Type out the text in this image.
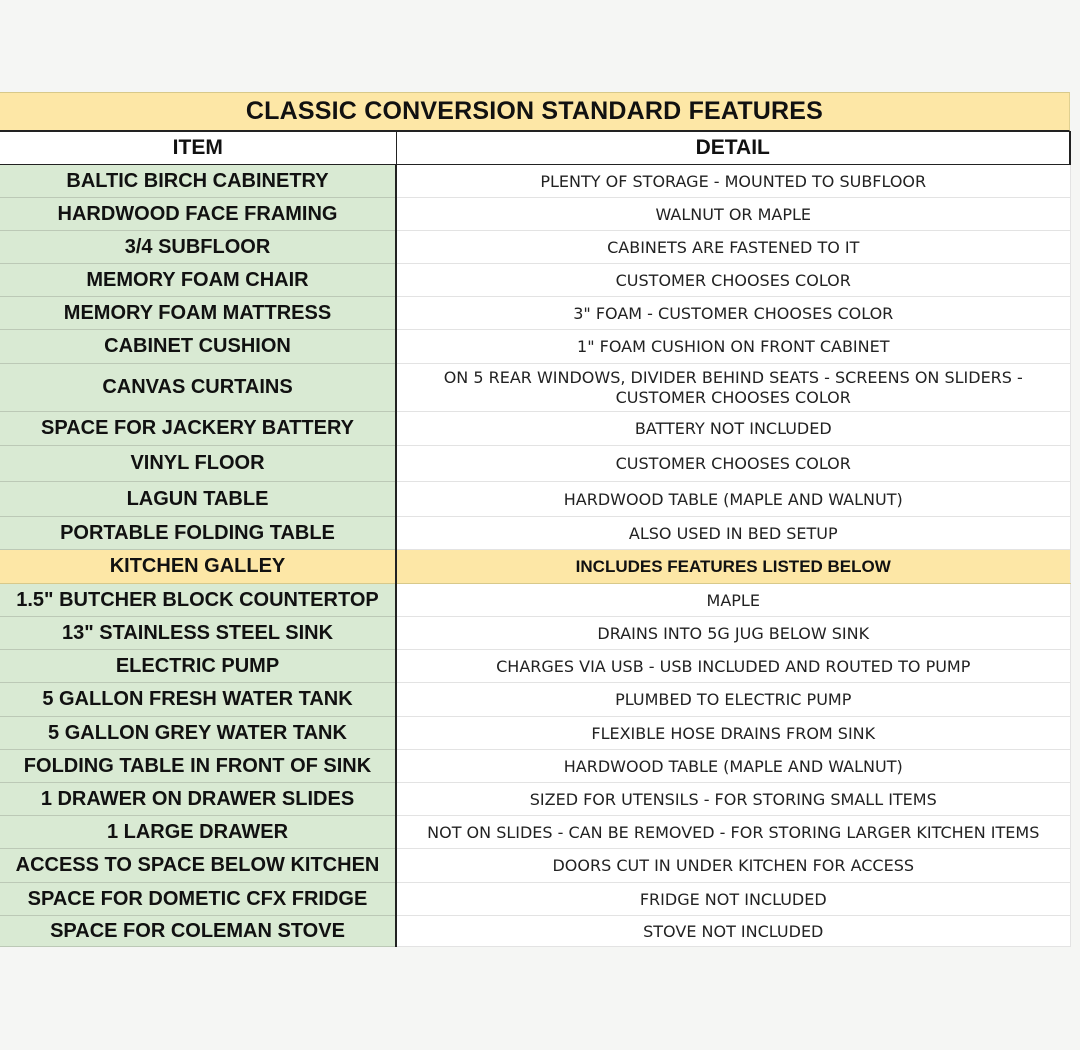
CLASSIC CONVERSION STANDARD FEATURES
ITEM	DETAIL
BALTIC BIRCH CABINETRY	PLENTY OF STORAGE - MOUNTED TO SUBFLOOR
HARDWOOD FACE FRAMING	WALNUT OR MAPLE
3/4 SUBFLOOR	CABINETS ARE FASTENED TO IT
MEMORY FOAM CHAIR	CUSTOMER CHOOSES COLOR
MEMORY FOAM MATTRESS	3" FOAM - CUSTOMER CHOOSES COLOR
CABINET CUSHION	1" FOAM CUSHION ON FRONT CABINET
CANVAS CURTAINS	ON 5 REAR WINDOWS, DIVIDER BEHIND SEATS - SCREENS ON SLIDERS - CUSTOMER CHOOSES COLOR
SPACE FOR JACKERY BATTERY	BATTERY NOT INCLUDED
VINYL FLOOR	CUSTOMER CHOOSES COLOR
LAGUN TABLE	HARDWOOD TABLE (MAPLE AND WALNUT)
PORTABLE FOLDING TABLE	ALSO USED IN BED SETUP
KITCHEN GALLEY	INCLUDES FEATURES LISTED BELOW
1.5" BUTCHER BLOCK COUNTERTOP	MAPLE
13" STAINLESS STEEL SINK	DRAINS INTO 5G JUG BELOW SINK
ELECTRIC PUMP	CHARGES VIA USB - USB INCLUDED AND ROUTED TO PUMP
5 GALLON FRESH WATER TANK	PLUMBED TO ELECTRIC PUMP
5 GALLON GREY WATER TANK	FLEXIBLE HOSE DRAINS FROM SINK
FOLDING TABLE IN FRONT OF SINK	HARDWOOD TABLE (MAPLE AND WALNUT)
1 DRAWER ON DRAWER SLIDES	SIZED FOR UTENSILS - FOR STORING SMALL ITEMS
1 LARGE DRAWER	NOT ON SLIDES - CAN BE REMOVED - FOR STORING LARGER KITCHEN ITEMS
ACCESS TO SPACE BELOW KITCHEN	DOORS CUT IN UNDER KITCHEN FOR ACCESS
SPACE FOR DOMETIC CFX FRIDGE	FRIDGE NOT INCLUDED
SPACE FOR COLEMAN STOVE	STOVE NOT INCLUDED
